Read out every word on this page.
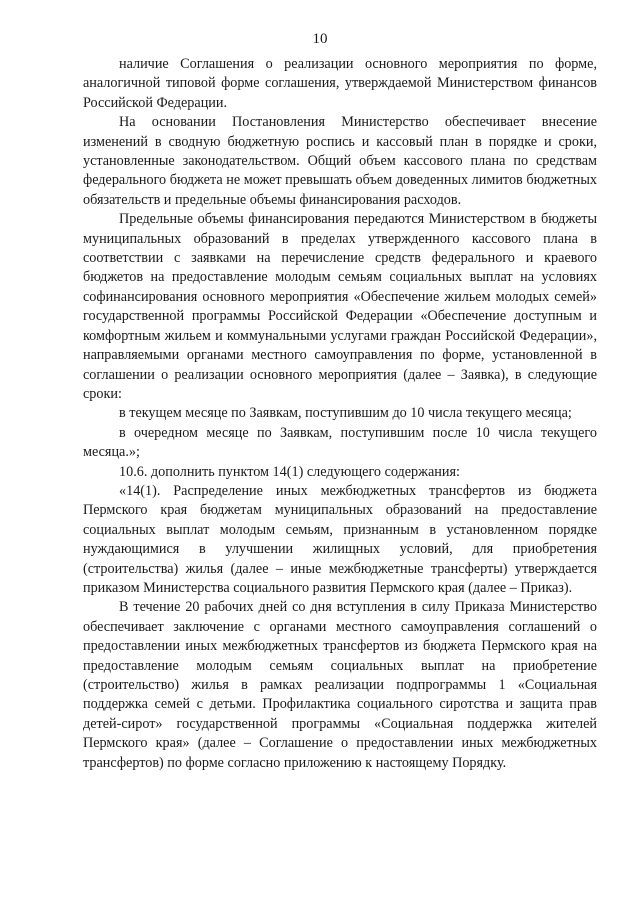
10

наличие Соглашения о реализации основного мероприятия по форме, аналогичной типовой форме соглашения, утверждаемой Министерством финансов Российской Федерации.

На основании Постановления Министерство обеспечивает внесение изменений в сводную бюджетную роспись и кассовый план в порядке и сроки, установленные законодательством. Общий объем кассового плана по средствам федерального бюджета не может превышать объем доведенных лимитов бюджетных обязательств и предельные объемы финансирования расходов.

Предельные объемы финансирования передаются Министерством в бюджеты муниципальных образований в пределах утвержденного кассового плана в соответствии с заявками на перечисление средств федерального и краевого бюджетов на предоставление молодым семьям социальных выплат на условиях софинансирования основного мероприятия «Обеспечение жильем молодых семей» государственной программы Российской Федерации «Обеспечение доступным и комфортным жильем и коммунальными услугами граждан Российской Федерации», направляемыми органами местного самоуправления по форме, установленной в соглашении о реализации основного мероприятия (далее – Заявка), в следующие сроки:

в текущем месяце по Заявкам, поступившим до 10 числа текущего месяца;

в очередном месяце по Заявкам, поступившим после 10 числа текущего месяца.»;

10.6. дополнить пунктом 14(1) следующего содержания:

«14(1). Распределение иных межбюджетных трансфертов из бюджета Пермского края бюджетам муниципальных образований на предоставление социальных выплат молодым семьям, признанным в установленном порядке нуждающимися в улучшении жилищных условий, для приобретения (строительства) жилья (далее – иные межбюджетные трансферты) утверждается приказом Министерства социального развития Пермского края (далее – Приказ).

В течение 20 рабочих дней со дня вступления в силу Приказа Министерство обеспечивает заключение с органами местного самоуправления соглашений о предоставлении иных межбюджетных трансфертов из бюджета Пермского края на предоставление молодым семьям социальных выплат на приобретение (строительство) жилья в рамках реализации подпрограммы 1 «Социальная поддержка семей с детьми. Профилактика социального сиротства и защита прав детей-сирот» государственной программы «Социальная поддержка жителей Пермского края» (далее – Соглашение о предоставлении иных межбюджетных трансфертов) по форме согласно приложению к настоящему Порядку.
